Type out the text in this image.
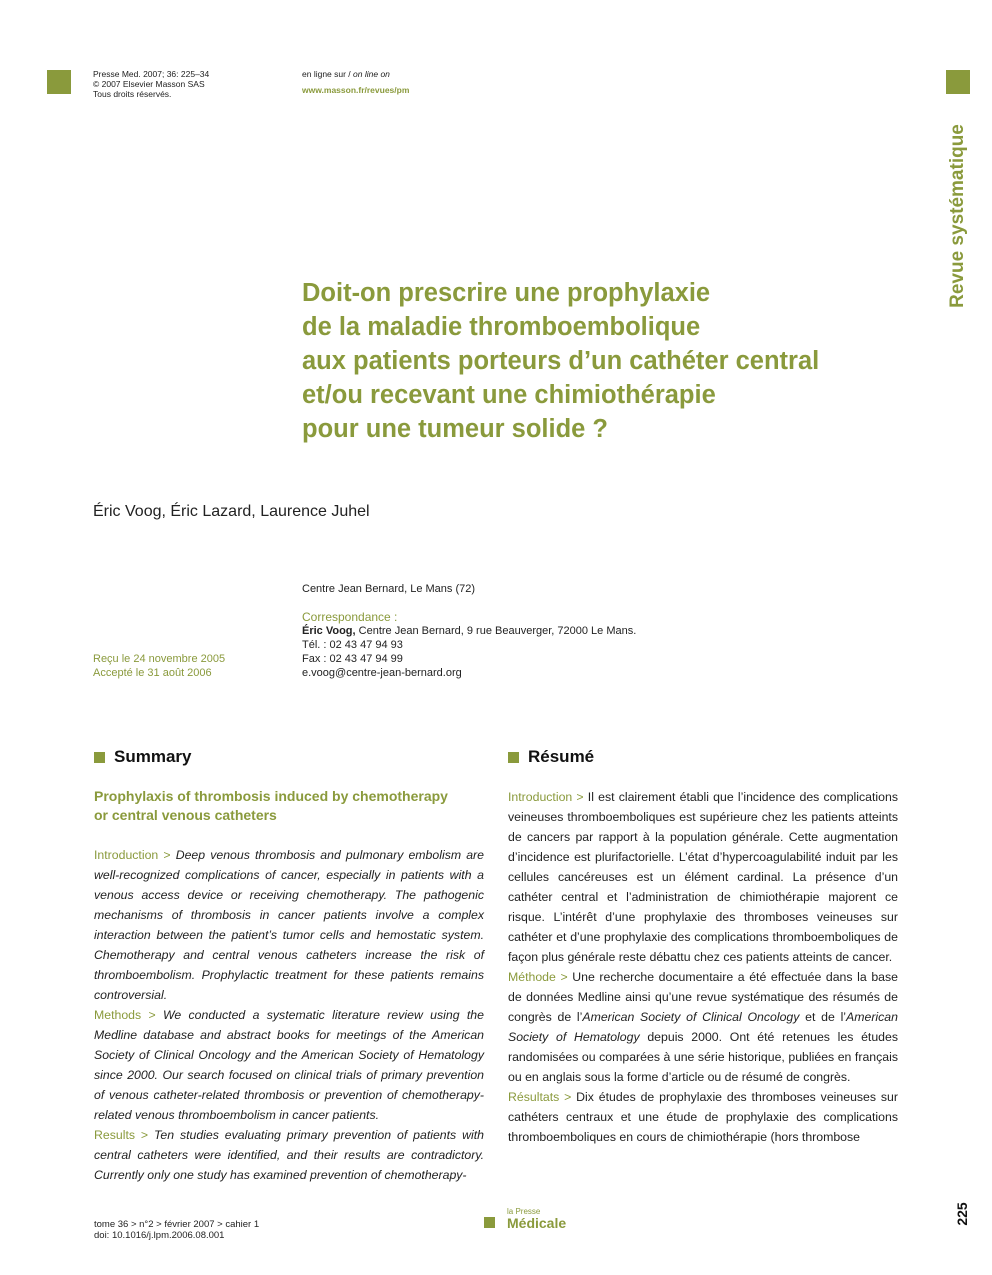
Presse Med. 2007; 36: 225–34
© 2007 Elsevier Masson SAS
Tous droits réservés.
en ligne sur / on line on
www.masson.fr/revues/pm
Revue systématique
Doit-on prescrire une prophylaxie
de la maladie thromboembolique
aux patients porteurs d’un cathéter central
et/ou recevant une chimiothérapie
pour une tumeur solide ?
Éric Voog, Éric Lazard, Laurence Juhel
Centre Jean Bernard, Le Mans (72)
Correspondance :
Éric Voog, Centre Jean Bernard, 9 rue Beauverger, 72000 Le Mans.
Tél. : 02 43 47 94 93
Fax : 02 43 47 94 99
e.voog@centre-jean-bernard.org
Reçu le 24 novembre 2005
Accepté le 31 août 2006
Summary
Prophylaxis of thrombosis induced by chemotherapy
or central venous catheters
Introduction > Deep venous thrombosis and pulmonary embolism are well-recognized complications of cancer, especially in patients with a venous access device or receiving chemotherapy. The pathogenic mechanisms of thrombosis in cancer patients involve a complex interaction between the patient’s tumor cells and hemostatic system. Chemotherapy and central venous catheters increase the risk of thromboembolism. Prophylactic treatment for these patients remains controversial.
Methods > We conducted a systematic literature review using the Medline database and abstract books for meetings of the American Society of Clinical Oncology and the American Society of Hematology since 2000. Our search focused on clinical trials of primary prevention of venous catheter-related thrombosis or prevention of chemotherapy-related venous thromboembolism in cancer patients.
Results > Ten studies evaluating primary prevention of patients with central catheters were identified, and their results are contradictory. Currently only one study has examined prevention of chemotherapy-
Résumé
Introduction > Il est clairement établi que l’incidence des complications veineuses thromboemboliques est supérieure chez les patients atteints de cancers par rapport à la population générale. Cette augmentation d’incidence est plurifactorielle. L’état d’hypercoagulabilité induit par les cellules cancéreuses est un élément cardinal. La présence d’un cathéter central et l’administration de chimiothérapie majorent ce risque. L’intérêt d’une prophylaxie des thromboses veineuses sur cathéter et d’une prophylaxie des complications thromboemboliques de façon plus générale reste débattu chez ces patients atteints de cancer.
Méthode > Une recherche documentaire a été effectuée dans la base de données Medline ainsi qu’une revue systématique des résumés de congrès de l’American Society of Clinical Oncology et de l’American Society of Hematology depuis 2000. Ont été retenues les études randomisées ou comparées à une série historique, publiées en français ou en anglais sous la forme d’article ou de résumé de congrès.
Résultats > Dix études de prophylaxie des thromboses veineuses sur cathéters centraux et une étude de prophylaxie des complications thromboemboliques en cours de chimiothérapie (hors thrombose
tome 36 > n°2 > février 2007 > cahier 1
doi: 10.1016/j.lpm.2006.08.001
la Presse
Médicale	225
